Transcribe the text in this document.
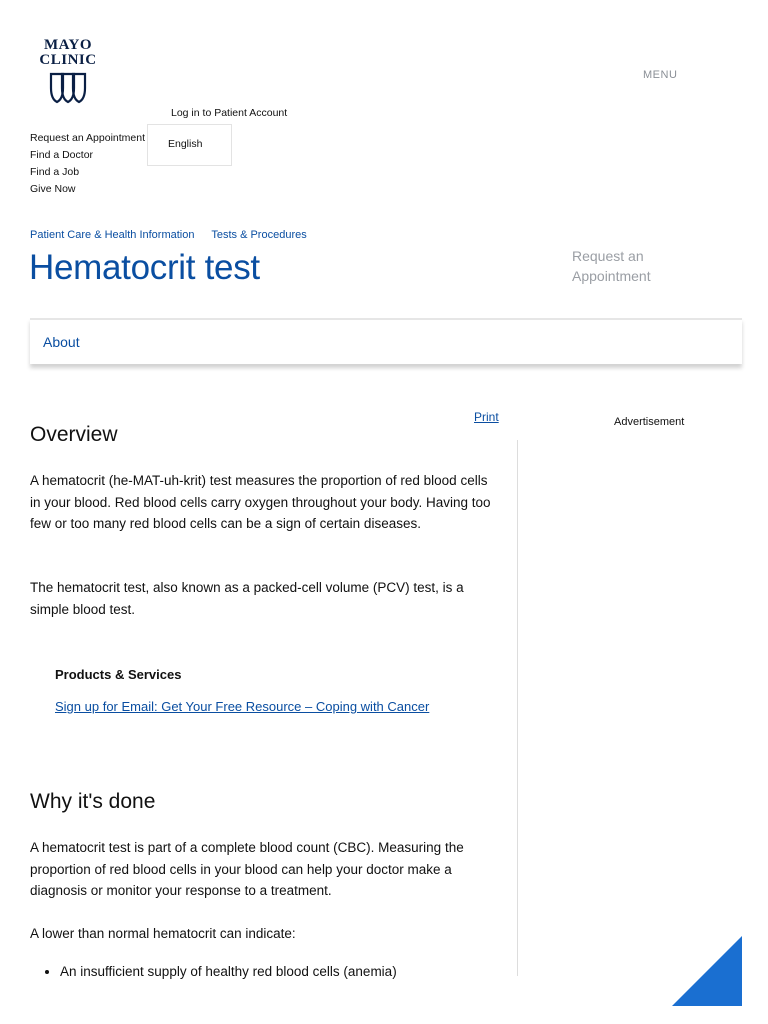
MAYO
CLINIC
MENU
Log in to Patient Account
English
Request an Appointment
Find a Doctor
Find a Job
Give Now
Patient Care & Health Information Tests & Procedures
Hematocrit test	Request an Appointment
About
Print	Advertisement
Overview

A hematocrit (he-MAT-uh-krit) test measures the proportion of red blood cells in your blood. Red blood cells carry oxygen throughout your body. Having too few or too many red blood cells can be a sign of certain diseases.

The hematocrit test, also known as a packed-cell volume (PCV) test, is a simple blood test.

Products & Services
Sign up for Email: Get Your Free Resource – Coping with Cancer
Why it's done

A hematocrit test is part of a complete blood count (CBC). Measuring the proportion of red blood cells in your blood can help your doctor make a diagnosis or monitor your response to a treatment.

A lower than normal hematocrit can indicate:

• An insufficient supply of healthy red blood cells (anemia)	Feedback
